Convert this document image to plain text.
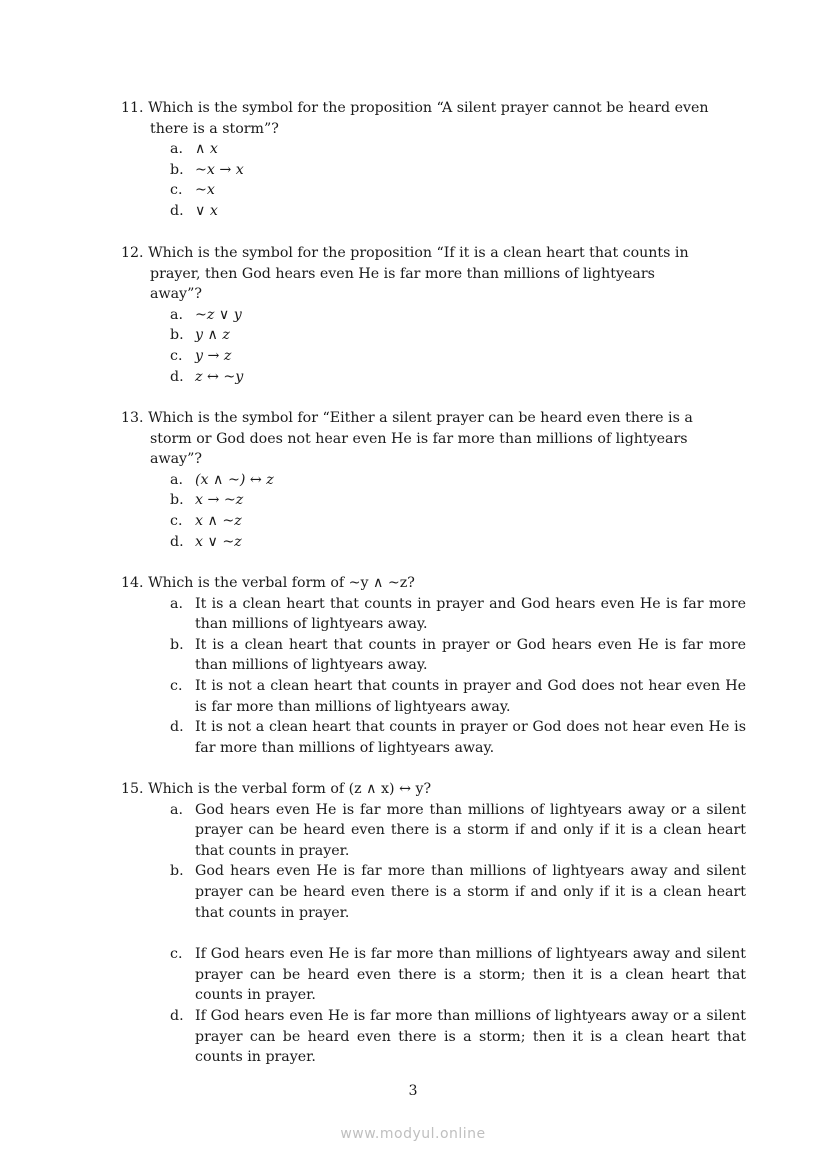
11. Which is the symbol for the proposition “A silent prayer cannot be heard even there is a storm”?
a. ∧ x
b. ~x → x
c. ~x
d. ∨ x
12. Which is the symbol for the proposition “If it is a clean heart that counts in prayer, then God hears even He is far more than millions of lightyears away”?
a. ~z ∨ y
b. y ∧ z
c. y → z
d. z ↔ ~y
13. Which is the symbol for “Either a silent prayer can be heard even there is a storm or God does not hear even He is far more than millions of lightyears away”?
a. (x ∧ ~) ↔ z
b. x → ~z
c. x ∧ ~z
d. x ∨ ~z
14. Which is the verbal form of ~y ∧ ~z?
a. It is a clean heart that counts in prayer and God hears even He is far more than millions of lightyears away.
b. It is a clean heart that counts in prayer or God hears even He is far more than millions of lightyears away.
c. It is not a clean heart that counts in prayer and God does not hear even He is far more than millions of lightyears away.
d. It is not a clean heart that counts in prayer or God does not hear even He is far more than millions of lightyears away.
15. Which is the verbal form of (z ∧ x) ↔ y?
a. God hears even He is far more than millions of lightyears away or a silent prayer can be heard even there is a storm if and only if it is a clean heart that counts in prayer.
b. God hears even He is far more than millions of lightyears away and silent prayer can be heard even there is a storm if and only if it is a clean heart that counts in prayer.
c. If God hears even He is far more than millions of lightyears away and silent prayer can be heard even there is a storm; then it is a clean heart that counts in prayer.
d. If God hears even He is far more than millions of lightyears away or a silent prayer can be heard even there is a storm; then it is a clean heart that counts in prayer.
3
www.modyul.online
